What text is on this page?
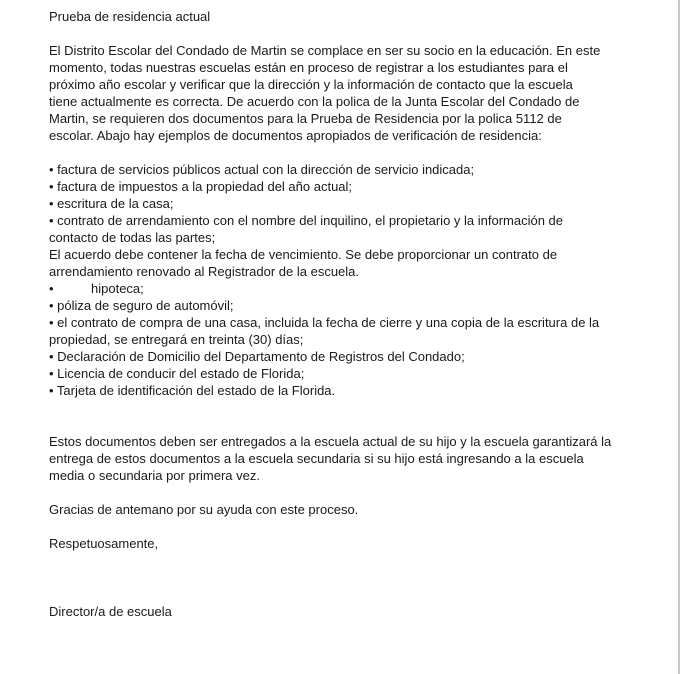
Prueba de residencia actual
El Distrito Escolar del Condado de Martin se complace en ser su socio en la educación. En este
momento, todas nuestras escuelas están en proceso de registrar a los estudiantes para el
próximo año escolar y verificar que la dirección y la información de contacto que la escuela
tiene actualmente es correcta. De acuerdo con la polica de la Junta Escolar del Condado de
Martin, se requieren dos documentos para la Prueba de Residencia por la polica 5112 de
escolar. Abajo hay ejemplos de documentos apropiados de verificación de residencia:
• factura de servicios públicos actual con la dirección de servicio indicada;
• factura de impuestos a la propiedad del año actual;
• escritura de la casa;
• contrato de arrendamiento con el nombre del inquilino, el propietario y la información de
contacto de todas las partes;
El acuerdo debe contener la fecha de vencimiento. Se debe proporcionar un contrato de
arrendamiento renovado al Registrador de la escuela.
•	hipoteca;
• póliza de seguro de automóvil;
• el contrato de compra de una casa, incluida la fecha de cierre y una copia de la escritura de la
propiedad, se entregará en treinta (30) días;
• Declaración de Domicilio del Departamento de Registros del Condado;
• Licencia de conducir del estado de Florida;
• Tarjeta de identificación del estado de la Florida.
Estos documentos deben ser entregados a la escuela actual de su hijo y la escuela garantizará la
entrega de estos documentos a la escuela secundaria si su hijo está ingresando a la escuela
media o secundaria por primera vez.
Gracias de antemano por su ayuda con este proceso.
Respetuosamente,
Director/a de escuela
